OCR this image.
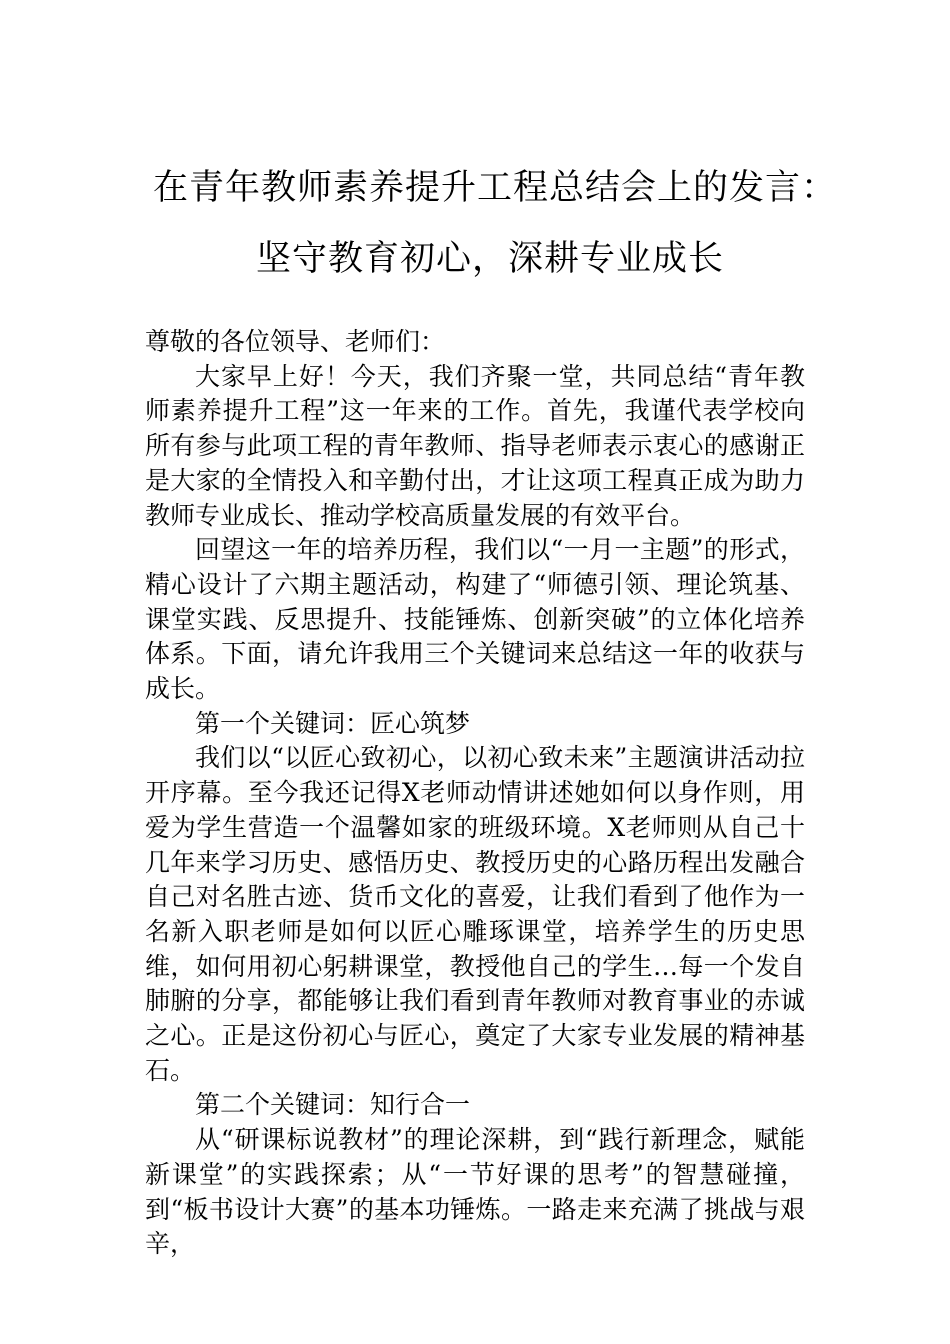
在青年教师素养提升工程总结会上的发言：
坚守教育初心，深耕专业成长

尊敬的各位领导、老师们：

大家早上好！今天，我们齐聚一堂，共同总结“青年教师素养提升工程”这一年来的工作。首先，我谨代表学校向所有参与此项工程的青年教师、指导老师表示衷心的感谢正是大家的全情投入和辛勤付出，才让这项工程真正成为助力教师专业成长、推动学校高质量发展的有效平台。

回望这一年的培养历程，我们以“一月一主题”的形式，精心设计了六期主题活动，构建了“师德引领、理论筑基、课堂实践、反思提升、技能锤炼、创新突破”的立体化培养体系。下面，请允许我用三个关键词来总结这一年的收获与成长。

第一个关键词：匠心筑梦

我们以“以匠心致初心，以初心致未来”主题演讲活动拉开序幕。至今我还记得X老师动情讲述她如何以身作则，用爱为学生营造一个温馨如家的班级环境。X老师则从自己十几年来学习历史、感悟历史、教授历史的心路历程出发融合自己对名胜古迹、货币文化的喜爱，让我们看到了他作为一名新入职老师是如何以匠心雕琢课堂，培养学生的历史思维，如何用初心躬耕课堂，教授他自己的学生…每一个发自肺腑的分享，都能够让我们看到青年教师对教育事业的赤诚之心。正是这份初心与匠心，奠定了大家专业发展的精神基石。

第二个关键词：知行合一

从“研课标说教材”的理论深耕，到“践行新理念，赋能新课堂”的实践探索；从“一节好课的思考”的智慧碰撞，到“板书设计大赛”的基本功锤炼。一路走来充满了挑战与艰辛，
